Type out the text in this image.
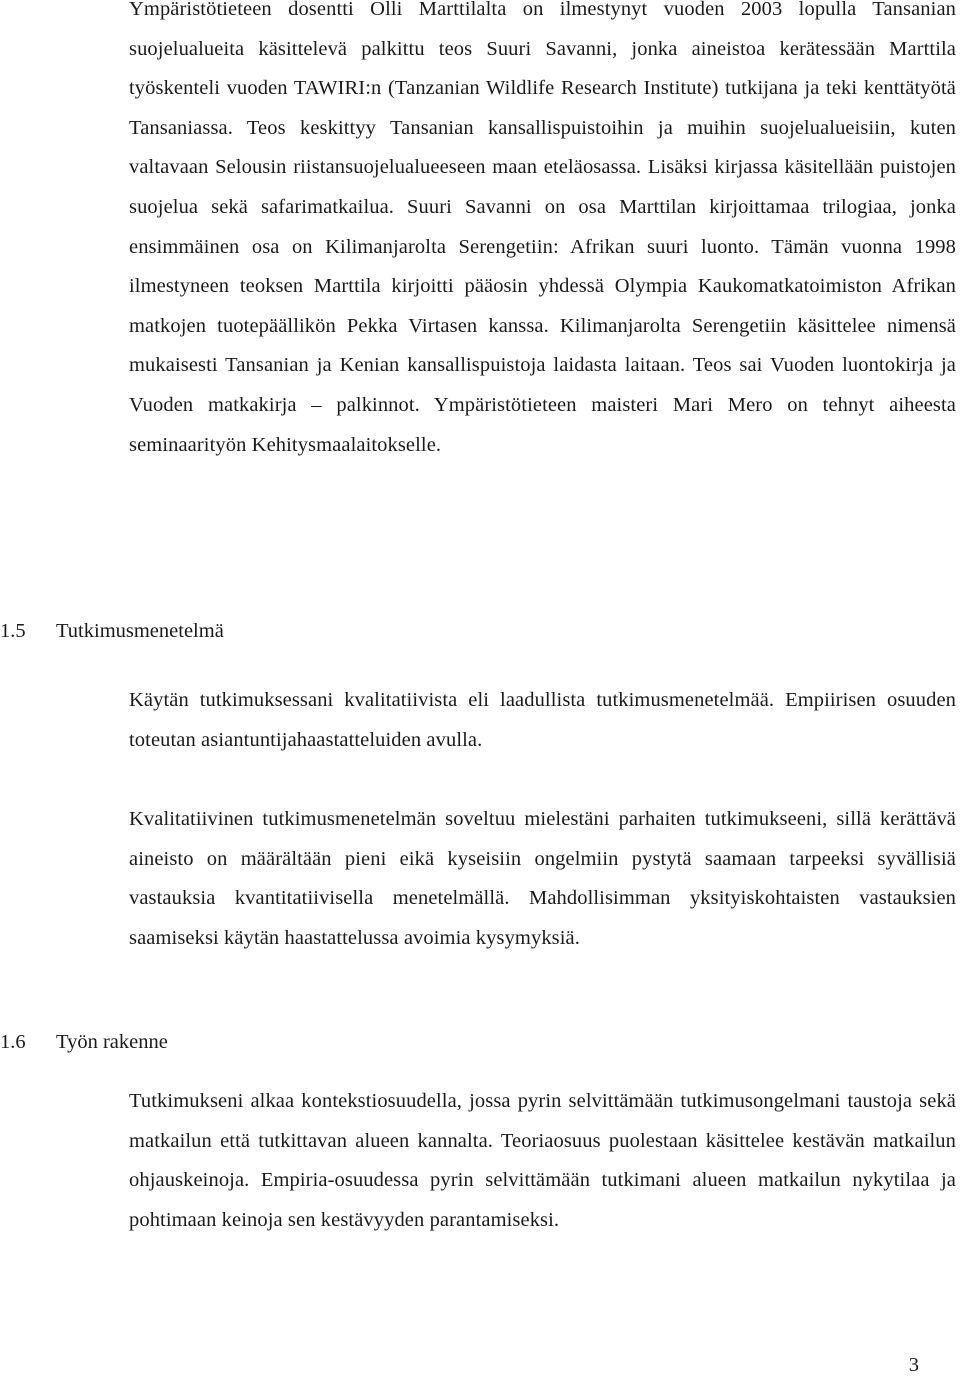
Ympäristötieteen dosentti Olli Marttilalta on ilmestynyt vuoden 2003 lopulla Tansanian suojelualueita käsittelevä palkittu teos Suuri Savanni, jonka aineistoa kerätessään Marttila työskenteli vuoden TAWIRI:n (Tanzanian Wildlife Research Institute) tutkijana ja teki kenttätyötä Tansaniassa. Teos keskittyy Tansanian kansallispuistoihin ja muihin suojelualueisiin, kuten valtavaan Selousin riistansuojelualueeseen maan eteläosassa. Lisäksi kirjassa käsitellään puistojen suojelua sekä safarimatkailua. Suuri Savanni on osa Marttilan kirjoittamaa trilogiaa, jonka ensimmäinen osa on Kilimanjarolta Serengetiin: Afrikan suuri luonto. Tämän vuonna 1998 ilmestyneen teoksen Marttila kirjoitti pääosin yhdessä Olympia Kaukomatkatoimiston Afrikan matkojen tuotepäällikön Pekka Virtasen kanssa. Kilimanjarolta Serengetiin käsittelee nimensä mukaisesti Tansanian ja Kenian kansallispuistoja laidasta laitaan. Teos sai Vuoden luontokirja ja Vuoden matkakirja – palkinnot. Ympäristötieteen maisteri Mari Mero on tehnyt aiheesta seminaarityön Kehitysmaalaitokselle.

1.5 Tutkimusmenetelmä

Käytän tutkimuksessani kvalitatiivista eli laadullista tutkimusmenetelmää. Empiirisen osuuden toteutan asiantuntijahaastatteluiden avulla.

Kvalitatiivinen tutkimusmenetelmän soveltuu mielestäni parhaiten tutkimukseeni, sillä kerättävä aineisto on määrältään pieni eikä kyseisiin ongelmiin pystytä saamaan tarpeeksi syvällisiä vastauksia kvantitatiivisella menetelmällä. Mahdollisimman yksityiskohtaisten vastauksien saamiseksi käytän haastattelussa avoimia kysymyksiä.

1.6 Työn rakenne

Tutkimukseni alkaa kontekstiosuudella, jossa pyrin selvittämään tutkimusongelmani taustoja sekä matkailun että tutkittavan alueen kannalta. Teoriaosuus puolestaan käsittelee kestävän matkailun ohjauskeinoja. Empiria-osuudessa pyrin selvittämään tutkimani alueen matkailun nykytilaa ja pohtimaan keinoja sen kestävyyden parantamiseksi.

3
